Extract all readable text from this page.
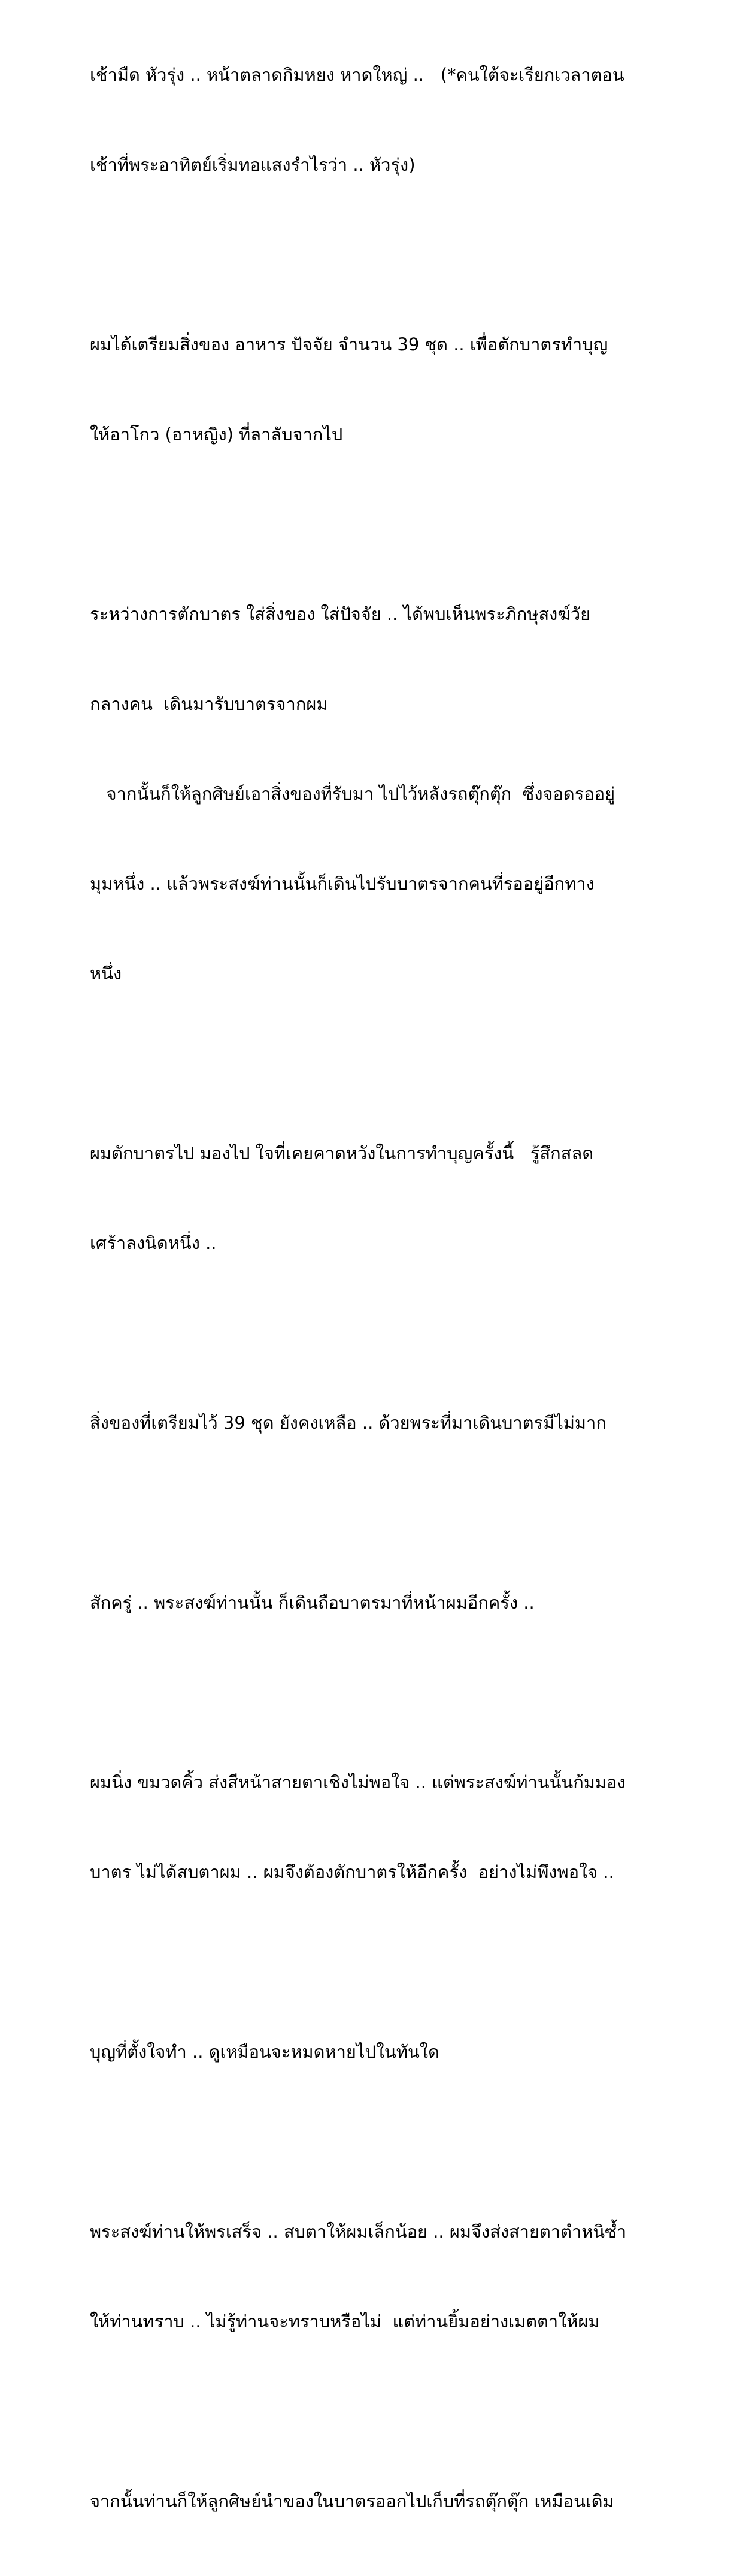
เช้ามืด หัวรุ่ง .. หน้าตลาดกิมหยง หาดใหญ่ ..   (*คนใต้จะเรียกเวลาตอน

เช้าที่พระอาทิตย์เริ่มทอแสงรำไรว่า .. หัวรุ่ง)

ผมได้เตรียมสิ่งของ อาหาร ปัจจัย จำนวน 39 ชุด .. เพื่อตักบาตรทำบุญ

ให้อาโกว (อาหญิง) ที่ลาลับจากไป

ระหว่างการตักบาตร ใส่สิ่งของ ใส่ปัจจัย .. ได้พบเห็นพระภิกษุสงฆ์วัย

กลางคน  เดินมารับบาตรจากผม

จากนั้นก็ให้ลูกศิษย์เอาสิ่งของที่รับมา ไปไว้หลังรถตุ๊กตุ๊ก  ซึ่งจอดรออยู่

มุมหนึ่ง .. แล้วพระสงฆ์ท่านนั้นก็เดินไปรับบาตรจากคนที่รออยู่อีกทาง

หนึ่ง

ผมตักบาตรไป มองไป ใจที่เคยคาดหวังในการทำบุญครั้งนี้   รู้สึกสลด

เศร้าลงนิดหนึ่ง ..

สิ่งของที่เตรียมไว้ 39 ชุด ยังคงเหลือ .. ด้วยพระที่มาเดินบาตรมีไม่มาก

สักครู่ .. พระสงฆ์ท่านนั้น ก็เดินถือบาตรมาที่หน้าผมอีกครั้ง ..

ผมนิ่ง ขมวดคิ้ว ส่งสีหน้าสายตาเชิงไม่พอใจ .. แต่พระสงฆ์ท่านนั้นก้มมอง

บาตร ไม่ได้สบตาผม .. ผมจึงต้องตักบาตรให้อีกครั้ง  อย่างไม่พึงพอใจ ..

บุญที่ตั้งใจทำ .. ดูเหมือนจะหมดหายไปในทันใด

พระสงฆ์ท่านให้พรเสร็จ .. สบตาให้ผมเล็กน้อย .. ผมจึงส่งสายตาตำหนิซ้ำ

ให้ท่านทราบ .. ไม่รู้ท่านจะทราบหรือไม่  แต่ท่านยิ้มอย่างเมตตาให้ผม

จากนั้นท่านก็ให้ลูกศิษย์นำของในบาตรออกไปเก็บที่รถตุ๊กตุ๊ก เหมือนเดิม
